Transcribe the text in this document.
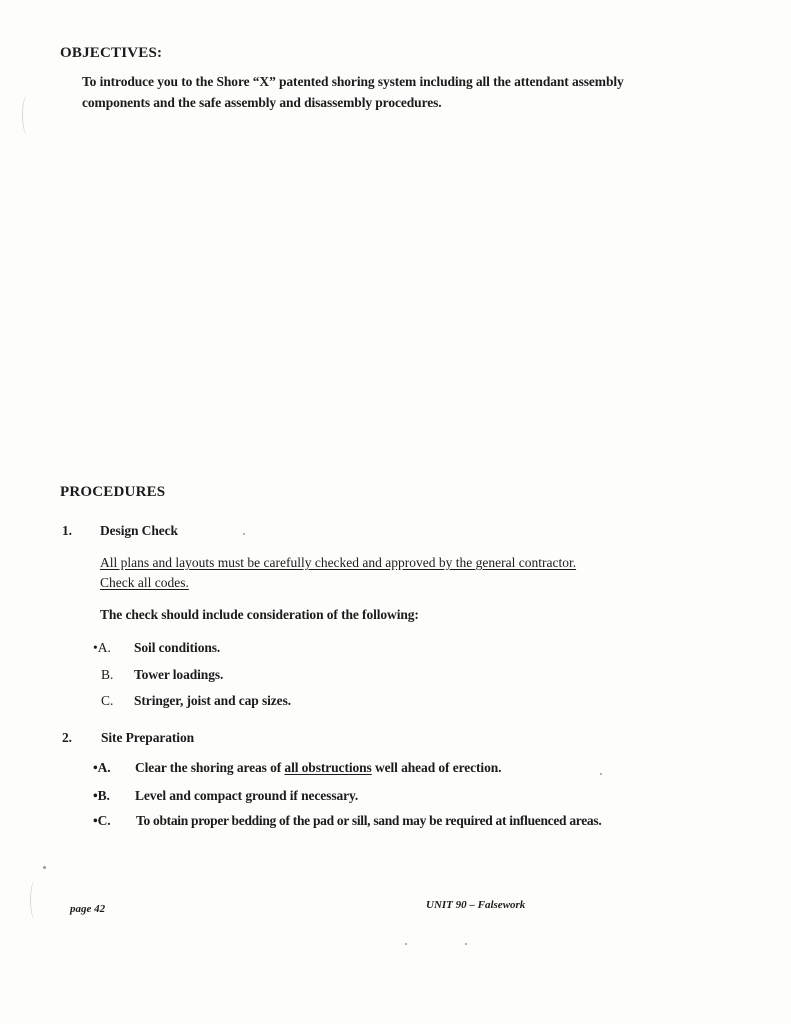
OBJECTIVES:
To introduce you to the Shore “X” patented shoring system including all the attendant assembly
components and the safe assembly and disassembly procedures.
PROCEDURES
1. Design Check
All plans and layouts must be carefully checked and approved by the general contractor.
Check all codes.
The check should include consideration of the following:
•A. Soil conditions.
B. Tower loadings.
C. Stringer, joist and cap sizes.
2. Site Preparation
•A. Clear the shoring areas of all obstructions well ahead of erection.
•B. Level and compact ground if necessary.
•C. To obtain proper bedding of the pad or sill, sand may be required at influenced areas.
page 42	UNIT 90 – Falsework
